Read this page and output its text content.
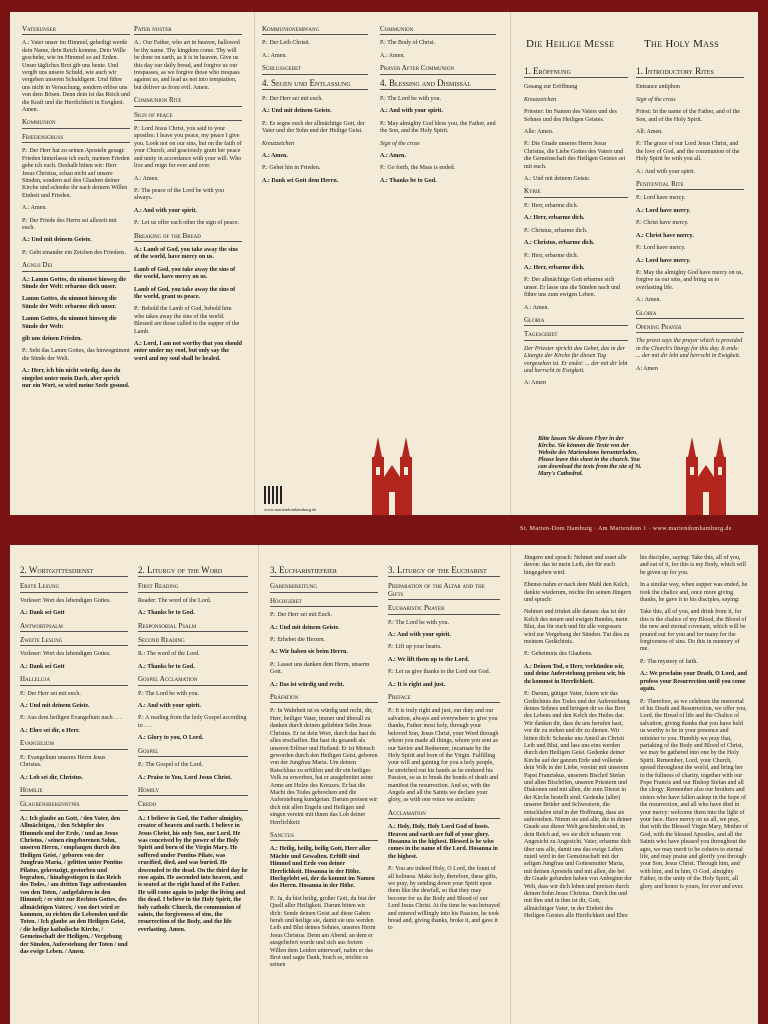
Vaterunser

A.: Vater unser im Himmel, geheiligt werde dein Name, dein Reich komme. Dein Wille geschehe, wie im Himmel so auf Erden. Unser tägliches Brot gib uns heute. Und vergib uns unsere Schuld, wie auch wir vergeben unseren Schuldigern. Und führe uns nicht in Versuchung, sondern erlöse uns von dem Bösen. Denn dein ist das Reich und die Kraft und die Herrlichkeit in Ewigkeit. Amen.

Kommunion
Friedensgruss

P.: Der Herr hat zu seinen Aposteln gesagt: Frieden hinterlasse ich euch, meinen Frieden gebe ich euch. Deshalb bitten wir: Herr Jesus Christus, schau nicht auf unsere Sünden, sondern auf den Glauben deiner Kirche und schenke ihr nach deinem Willen Einheit und Frieden.

A.: Amen.

P.: Der Friede des Herrn sei allezeit mit euch.

A.: Und mit deinem Geiste.

P.: Gebt einander ein Zeichen des Friedens.

Agnus Dei

A.: Lamm Gottes, du nimmst hinweg die Sünde der Welt: erbarme dich unser.

Lamm Gottes, du nimmst hinweg die Sünde der Welt: erbarme dich unser.

Lamm Gottes, du nimmst hinweg die Sünde der Welt:

gib uns deinen Frieden.

P.: Seht das Lamm Gottes, das hinwegnimmt die Sünde der Welt.

A.: Herr, ich bin nicht würdig, dass du eingehst unter mein Dach, aber sprich nur ein Wort, so wird meine Seele gesund.

Pater noster

A.: Our Father, who art in heaven, hallowed be thy name. Thy kingdom come. Thy will be done on earth, as it is in heaven. Give us this day our daily bread, and forgive us our trespasses, as we forgive those who trespass against us, and lead us not into temptation, but deliver us from evil. Amen.

Communion Rite
Sign of peace

P.: Lord Jesus Christ, you said to your apostles: I leave you peace, my peace I give you. Look not on our sins, but on the faith of your Church, and graciously grant her peace and unity in accordance with your will. Who live and reign for ever and ever.

A.: Amen.

P.: The peace of the Lord be with you always.

A.: And with your spirit.

P.: Let us offer each other the sign of peace.

Breaking of the Bread

A.: Lamb of God, you take away the sins of the world, have mercy on us.

Lamb of God, you take away the sins of the world, have mercy on us.

Lamb of God, you take away the sins of the world, grant us peace.

P.: Behold the Lamb of God, behold him who takes away the sins of the world. Blessed are those called to the supper of the Lamb.

A.: Lord, I am not worthy that you should enter under my roof, but only say the word and my soul shall be healed.

Kommunionempfang

P.: Der Leib Christi.

A.: Amen.

Schlussgebet
4. Segen und Entlassung

P.: Der Herr sei mit euch.

A.: Und mit deinem Geiste.

P.: Es segne euch der allmächtige Gott, der Vater und der Sohn und der Heilige Geist.

Kreuzzeichen

A.: Amen.

P.: Gehet hin in Frieden.

A.: Dank sei Gott dem Herrn.

Communion

P.: The Body of Christ.

A.: Amen.

Prayer After Communion
4. Blessing and Dismissal

P.: The Lord be with you.

A.: And with your spirit.

P.: May almighty God bless you, the Father, and the Son, and the Holy Spirit.

Sign of the cross

A.: Amen.

P.: Go forth, the Mass is ended.

A.: Thanks be to God.

www.mariendomhamburg.de
Die Heilige Messe	The Holy Mass
1. Eröffnung

Gesang zur Eröffnung

Kreuzzeichen

Priester: Im Namen des Vaters und des Sohnes und des Heiligen Geistes.

Alle: Amen.

P.: Die Gnade unseres Herrn Jesus Christus, die Liebe Gottes des Vaters und die Gemeinschaft des Heiligen Geistes sei mit euch.

A.: Und mit deinem Geiste.

Kyrie

P.: Herr, erbarme dich.

A.: Herr, erbarme dich.

P.: Christus, erbarme dich.

A.: Christus, erbarme dich.

P.: Herr, erbarme dich.

A.: Herr, erbarme dich.

P.: Der allmächtige Gott erbarme sich unser. Er lasse uns die Sünden nach und führe uns zum ewigen Leben.

A.: Amen.

Gloria
Tagesgebet

Der Priester spricht das Gebet, das in der Liturgie der Kirche für diesen Tag vorgesehen ist. Er endet: ... der mit dir lebt und herrscht in Ewigkeit.

A: Amen

1. Introductory Rites

Entrance antiphon

Sign of the cross

Priest: In the name of the Father, and of the Son, and of the Holy Spirit.

All: Amen.

P.: The grace of our Lord Jesus Christ, and the love of God, and the communion of the Holy Spirit be with you all.

A.: And with your spirit.

Penitential Rite

P.: Lord have mercy.

A.: Lord have mercy.

P.: Christ have mercy.

A.: Christ have mercy.

P.: Lord have mercy.

A.: Lord have mercy.

P.: May the almighty God have mercy on us, forgive us our sins, and bring us to everlasting life.

A.: Amen.

Gloria
Opening Prayer

The priest says the prayer which is provided in the Church's liturgy for this day. It ends: ... der mit dir lebt und herrscht in Ewigkeit.

A: Amen

Bitte lassen Sie diesen Flyer in der Kirche. Sie können die Texte von der Website des Mariendoms herunterladen. Please leave this sheet in the church. You can download the texts from the site of St. Mary's Cathedral.
St. Marien-Dom Hamburg · Am Mariendom 1 · www.mariendomhamburg.de
2. Wortgottesdienst
Erste Lesung

Vorleser: Wort des lebendigen Gottes.

A.: Dank sei Gott

Antwortpsalm
Zweite Lesung

Vorleser: Wort des lebendigen Gottes.

A.: Dank sei Gott

Halleluja

P.: Der Herr sei mit euch.

A.: Und mit deinem Geiste.

P.: Aus dem heiligen Evangelium nach . . .

A.: Ehre sei dir, o Herr.

Evangelium

P.: Evangelium unseres Herrn Jesus Christus.

A.: Lob sei dir, Christus.

Homilie
Glaubensbekenntnis

A.: Ich glaube an Gott, / den Vater, den Allmächtigen, / den Schöpfer des Himmels und der Erde, / und an Jesus Christus, / seinen eingeborenen Sohn, unseren Herrn, / empfangen durch den Heiligen Geist, / geboren von der Jungfrau Maria, / gelitten unter Pontius Pilatus, gekreuzigt, gestorben und begraben, / hinabgestiegen in das Reich des Todes, / am dritten Tage auferstanden von den Toten, / aufgefahren in den Himmel; / er sitzt zur Rechten Gottes, des allmächtigen Vaters; / von dort wird er kommen, zu richten die Lebenden und die Toten. / Ich glaube an den Heiligen Geist, / die heilige katholische Kirche, / Gemeinschaft der Heiligen, / Vergebung der Sünden, Auferstehung der Toten / und das ewige Leben. / Amen.

2. Liturgy of the Word
First Reading

Reader: The word of the Lord.

A.: Thanks be to God.

Responsorial Psalm
Second Reading

R.: The word of the Lord.

A.: Thanks be to God.

Gospel Acclamation

P.: The Lord be with you.

A.: And with your spirit.

P.: A reading from the holy Gospel according to . . .

A.: Glory to you, O Lord.

Gospel

P.: The Gospel of the Lord.

A.: Praise to You, Lord Jesus Christ.

Homily
Credo

A.: I believe in God, the Father almighty, creator of heaven and earth. I believe in Jesus Christ, his only Son, our Lord. He was conceived by the power of the Holy Spirit and born of the Virgin Mary. He suffered under Pontius Pilate, was crucified, died, and was buried. He descended to the dead. On the third day he rose again. He ascended into heaven, and is seated at the right hand of the Father. He will come again to judge the living and the dead. I believe in the Holy Spirit, the holy catholic Church, the communion of saints, the forgiveness of sins, the resurrection of the Body, and the life everlasting. Amen.

3. Eucharistiefeier
Gabenbereitung
Hochgebet

P.: Der Herr sei mit Euch.

A.: Und mit deinem Geiste.

P.: Erhebet die Herzen.

A.: Wir haben sie beim Herrn.

P.: Lasset uns danken dem Herrn, unserm Gott.

A.: Das ist würdig und recht.

Präfation

P.: In Wahrheit ist es würdig und recht, dir, Herr, heiliger Vater, immer und überall zu danken durch deinen geliebten Sohn Jesus Christus. Er ist dein Wort, durch das hast du alles erschaffen. Ihn hast du gesandt als unseren Erlöser und Heiland. Er ist Mensch geworden durch den Heiligen Geist, geboren von der Jungfrau Maria. Um deinen Ratschluss zu erfüllen und dir ein heiliges Volk zu erwerben, hat er ausgebreitet seine Arme am Holze des Kreuzes. Er hat die Macht des Todes gebrochen und die Auferstehung kundgetan. Darum preisen wir dich mit allen Engeln und Heiligen und singen vereint mit ihnen das Lob deiner Herrlichkeit:

Sanctus

A.: Heilig, heilig, heilig Gott, Herr aller Mächte und Gewalten. Erfüllt sind Himmel und Erde von deiner Herrlichkeit. Hosanna in der Höhe. Hochgelobt sei, der da kommt im Namen des Herrn. Hosanna in der Höhe.

P.: Ja, du bist heilig, großer Gott, du bist der Quell aller Heiligkeit. Darum bitten wir dich: Sende deinen Geist auf diese Gaben herab und heilige sie, damit sie uns werden Leib und Blut deines Sohnes, unseres Herrn Jesus Christus. Denn am Abend, an dem er ausgeliefert wurde und sich aus freiem Willen dem Leiden unterwarf, nahm er das Brot und sagte Dank, brach es, reichte es seinen

3. Liturgy of the Eucharist
Preparation of the Altar and the Gifts
Eucharistic Prayer

P.: The Lord be with you.

A.: And with your spirit.

P.: Lift up your hearts.

A.: We lift them up to the Lord.

P.: Let us give thanks to the Lord our God.

A.: It is right and just.

Preface

P.: It is truly right and just, our duty and our salvation, always and everywhere to give you thanks, Father most holy, through your beloved Son, Jesus Christ, your Word through whom you made all things, whom you sent as our Savior and Redeemer, incarnate by the Holy Spirit and born of the Virgin. Fulfilling your will and gaining for you a holy people, he stretched out his hands as he endured his Passion, so as to break the bonds of death and manifest the resurrection. And so, with the Angels and all the Saints we declare your glory, as with one voice we acclaim:

Acclamation

A.: Holy, Holy, Holy Lord God of hosts. Heaven and earth are full of your glory. Hosanna in the highest. Blessed is he who comes in the name of the Lord. Hosanna in the highest.

P.: You are indeed Holy, O Lord, the fount of all holiness. Make holy, therefore, these gifts, we pray, by sending down your Spirit upon them like the dewfall, so that they may become for us the Body and Blood of our Lord Jesus Christ. At the time he was betrayed and entered willingly into his Passion, he took bread and, giving thanks, broke it, and gave it to

Jüngern und sprach: Nehmet und esset alle davon: das ist mein Leib, der für euch hingegeben wird.

Ebenso nahm er nach dem Mahl den Kelch, dankte wiederum, reichte ihn seinen Jüngern und sprach:

Nehmet und trinket alle daraus: das ist der Kelch des neuen und ewigen Bundes, mein Blut, das für euch und für alle vergossen wird zur Vergebung der Sünden. Tut dies zu meinem Gedächtnis.

P.: Geheimnis des Glaubens.

A.: Deinen Tod, o Herr, verkünden wir, und deine Auferstehung preisen wir, bis du kommst in Herrlichkeit.

P.: Darum, gütiger Vater, feiern wir das Gedächtnis des Todes und der Auferstehung deines Sohnes und bringen dir so das Brot des Lebens und den Kelch des Heiles dar. Wir danken dir, dass du uns berufen hast, vor dir zu stehen und dir zu dienen. Wir bitten dich: Schenke uns Anteil an Christi Leib und Blut, und lass uns eins werden durch den Heiligen Geist. Gedenke deiner Kirche auf der ganzen Erde und vollende dein Volk in der Liebe, vereint mit unserem Papst Franziskus, unserem Bischof Stefan und allen Bischöfen, unseren Priestern und Diakonen und mit allen, die zum Dienst in der Kirche bestellt sind. Gedenke (aller) unserer Brüder und Schwestern, die entschlafen sind in der Hoffnung, dass sie auferstehen. Nimm sie und alle, die in deiner Gnade aus dieser Welt geschieden sind, in dein Reich auf, wo sie dich schauen von Angesicht zu Angesicht. Vater, erbarme dich über uns alle, damit uns das ewige Leben zuteil wird in der Gemeinschaft mit der seligen Jungfrau und Gottesmutter Maria, mit deinen Aposteln und mit allen, die bei dir Gnade gefunden haben von Anbeginn der Welt, dass wir dich loben und preisen durch deinen Sohn Jesus Christus. Durch ihn und mit ihm und in ihm ist dir, Gott, allmächtiger Vater, in der Einheit des Heiligen Geistes alle Herrlichkeit und Ehre

his disciples, saying: Take this, all of you, and eat of it, for this is my Body, which will be given up for you.

In a similar way, when supper was ended, he took the chalice and, once more giving thanks, he gave it to his disciples, saying:

Take this, all of you, and drink from it, for this is the chalice of my Blood, the Blood of the new and eternal covenant, which will be poured out for you and for many for the forgiveness of sins. Do this in memory of me.

P.: The mystery of faith.

A.: We proclaim your Death, O Lord, and profess your Resurrection until you come again.

P.: Therefore, as we celebrate the memorial of his Death and Resurrection, we offer you, Lord, the Bread of life and the Chalice of salvation, giving thanks that you have held us worthy to be in your presence and minister to you. Humbly we pray that, partaking of the Body and Blood of Christ, we may be gathered into one by the Holy Spirit. Remember, Lord, your Church, spread throughout the world, and bring her to the fullness of charity, together with our Pope Francis and our Bishop Stefan and all the clergy. Remember also our brothers and sisters who have fallen asleep in the hope of the resurrection, and all who have died in your mercy: welcome them into the light of your face. Have mercy on us all, we pray, that with the Blessed Virgin Mary, Mother of God, with the blessed Apostles, and all the Saints who have pleased you throughout the ages, we may merit to be coheirs to eternal life, and may praise and glorify you through your Son, Jesus Christ. Through him, and with him, and in him, O God, almighty Father, in the unity of the Holy Spirit, all glory and honor is yours, for ever and ever.
